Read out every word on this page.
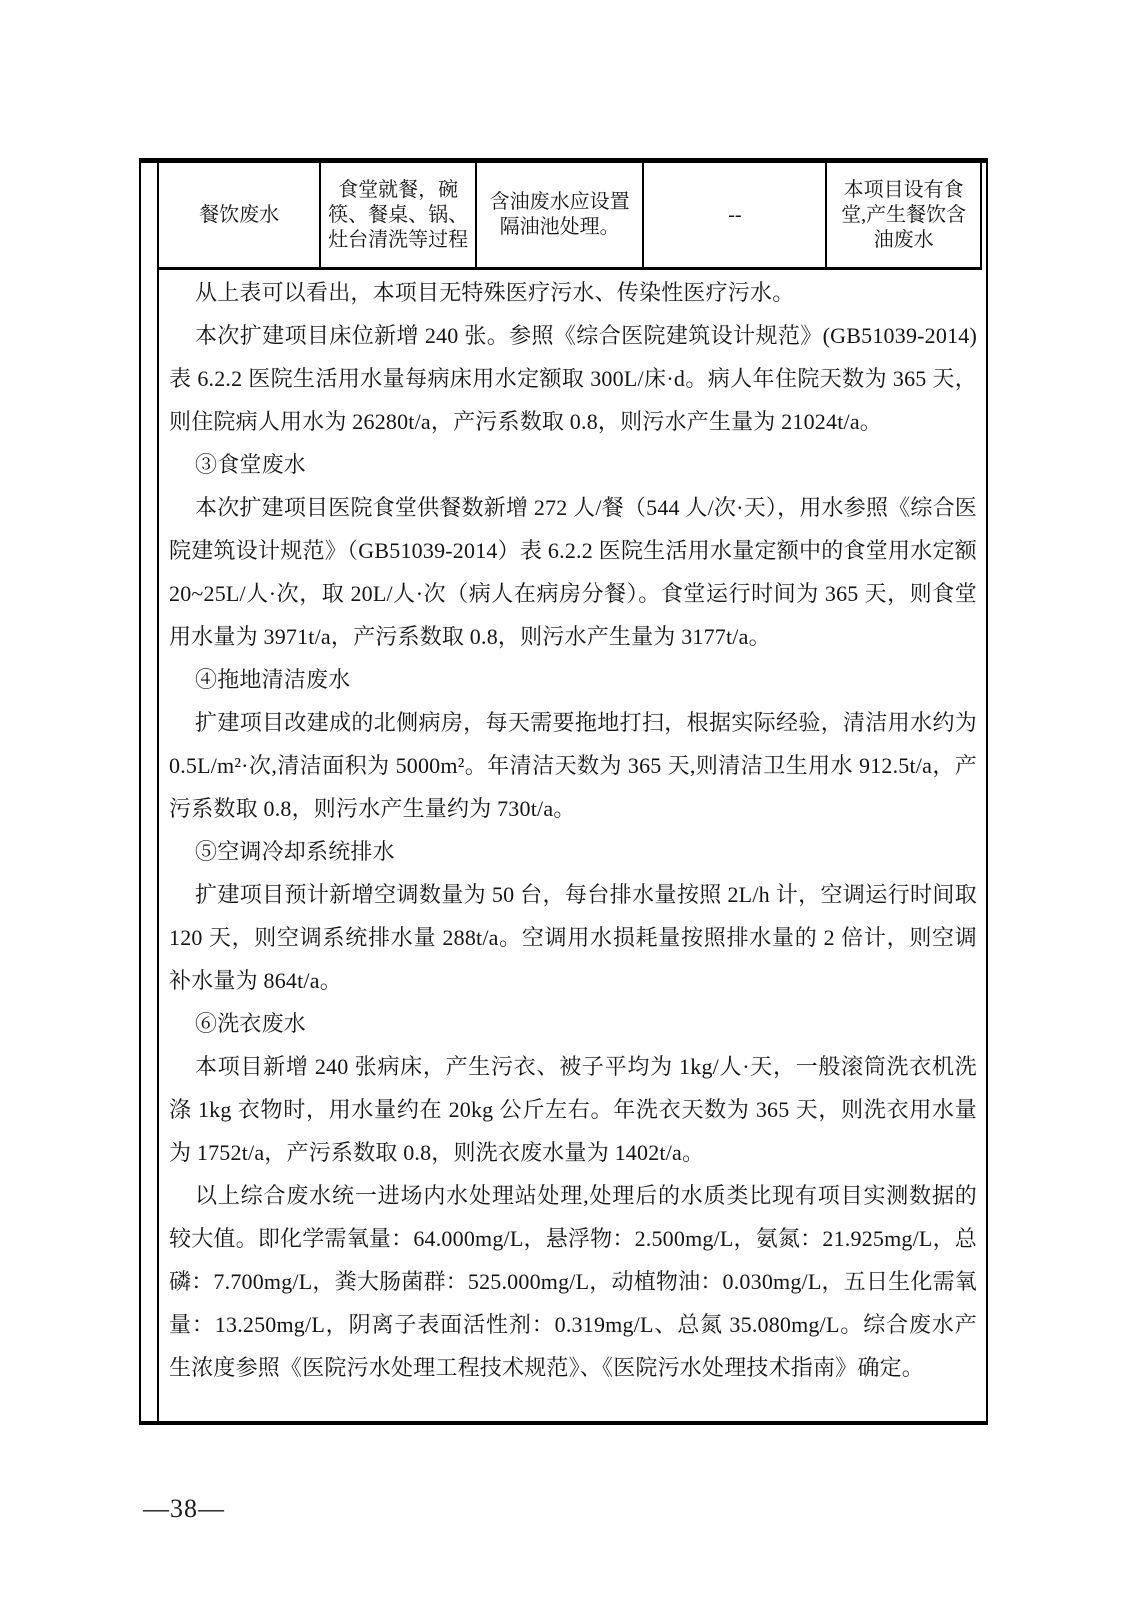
餐饮废水	食堂就餐，碗筷、餐桌、锅、灶台清洗等过程	含油废水应设置隔油池处理。	--	本项目设有食堂,产生餐饮含油废水

从上表可以看出，本项目无特殊医疗污水、传染性医疗污水。

本次扩建项目床位新增 240 张。参照《综合医院建筑设计规范》(GB51039-2014)表 6.2.2 医院生活用水量每病床用水定额取 300L/床·d。病人年住院天数为 365 天，则住院病人用水为 26280t/a，产污系数取 0.8，则污水产生量为 21024t/a。

③食堂废水

本次扩建项目医院食堂供餐数新增 272 人/餐（544 人/次·天），用水参照《综合医院建筑设计规范》（GB51039-2014）表 6.2.2 医院生活用水量定额中的食堂用水定额 20~25L/人·次，取 20L/人·次（病人在病房分餐）。食堂运行时间为 365 天，则食堂用水量为 3971t/a，产污系数取 0.8，则污水产生量为 3177t/a。

④拖地清洁废水

扩建项目改建成的北侧病房，每天需要拖地打扫，根据实际经验，清洁用水约为 0.5L/m²·次,清洁面积为 5000m²。年清洁天数为 365 天,则清洁卫生用水 912.5t/a，产污系数取 0.8，则污水产生量约为 730t/a。

⑤空调冷却系统排水

扩建项目预计新增空调数量为 50 台，每台排水量按照 2L/h 计，空调运行时间取 120 天，则空调系统排水量 288t/a。空调用水损耗量按照排水量的 2 倍计，则空调补水量为 864t/a。

⑥洗衣废水

本项目新增 240 张病床，产生污衣、被子平均为 1kg/人·天，一般滚筒洗衣机洗涤 1kg 衣物时，用水量约在 20kg 公斤左右。年洗衣天数为 365 天，则洗衣用水量为 1752t/a，产污系数取 0.8，则洗衣废水量为 1402t/a。

以上综合废水统一进场内水处理站处理,处理后的水质类比现有项目实测数据的较大值。即化学需氧量：64.000mg/L，悬浮物：2.500mg/L，氨氮：21.925mg/L，总磷：7.700mg/L，粪大肠菌群：525.000mg/L，动植物油：0.030mg/L，五日生化需氧量：13.250mg/L，阴离子表面活性剂：0.319mg/L、总氮 35.080mg/L。综合废水产生浓度参照《医院污水处理工程技术规范》、《医院污水处理技术指南》确定。

—38—
